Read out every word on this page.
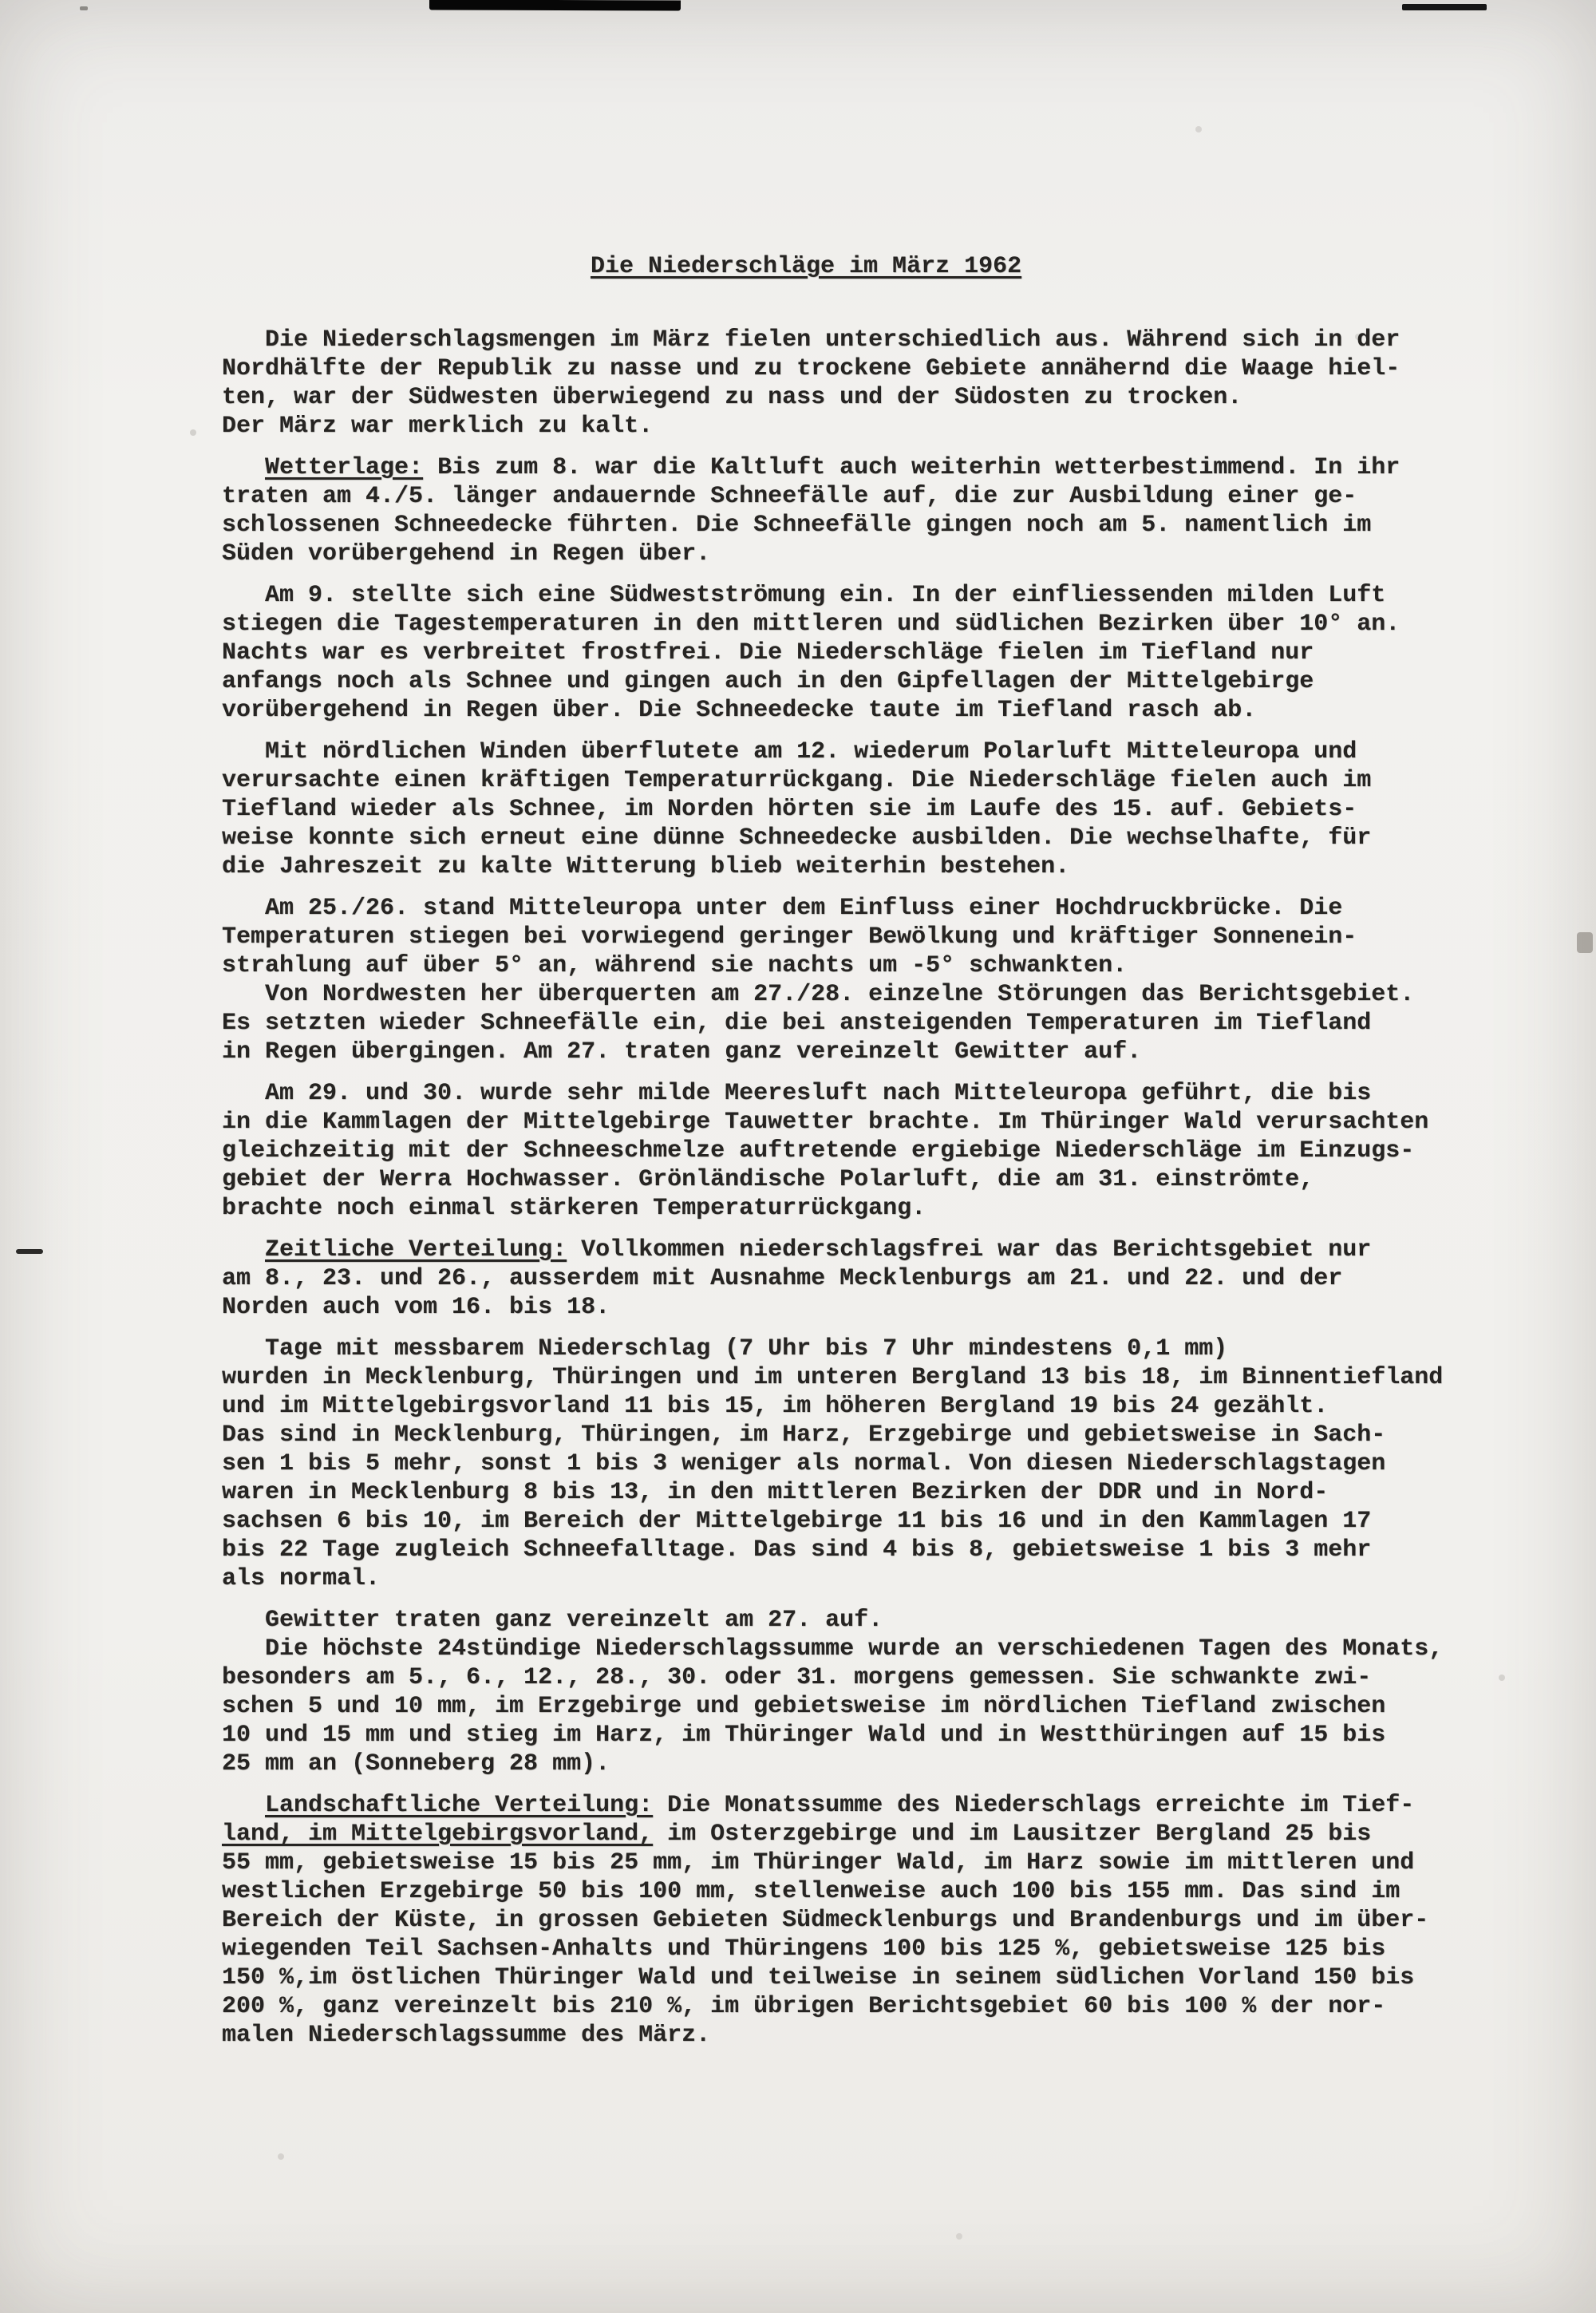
Die Niederschläge im März 1962
Die Niederschlagsmengen im März fielen unterschiedlich aus. Während sich in der
Nordhälfte der Republik zu nasse und zu trockene Gebiete annähernd die Waage hiel-
ten, war der Südwesten überwiegend zu nass und der Südosten zu trocken.
Der März war merklich zu kalt.
Wetterlage: Bis zum 8. war die Kaltluft auch weiterhin wetterbestimmend. In ihr
traten am 4./5. länger andauernde Schneefälle auf, die zur Ausbildung einer ge-
schlossenen Schneedecke führten. Die Schneefälle gingen noch am 5. namentlich im
Süden vorübergehend in Regen über.
Am 9. stellte sich eine Südwestströmung ein. In der einfliessenden milden Luft
stiegen die Tagestemperaturen in den mittleren und südlichen Bezirken über 10° an.
Nachts war es verbreitet frostfrei. Die Niederschläge fielen im Tiefland nur
anfangs noch als Schnee und gingen auch in den Gipfellagen der Mittelgebirge
vorübergehend in Regen über. Die Schneedecke taute im Tiefland rasch ab.
Mit nördlichen Winden überflutete am 12. wiederum Polarluft Mitteleuropa und
verursachte einen kräftigen Temperaturrückgang. Die Niederschläge fielen auch im
Tiefland wieder als Schnee, im Norden hörten sie im Laufe des 15. auf. Gebiets-
weise konnte sich erneut eine dünne Schneedecke ausbilden. Die wechselhafte, für
die Jahreszeit zu kalte Witterung blieb weiterhin bestehen.
Am 25./26. stand Mitteleuropa unter dem Einfluss einer Hochdruckbrücke. Die
Temperaturen stiegen bei vorwiegend geringer Bewölkung und kräftiger Sonnenein-
strahlung auf über 5° an, während sie nachts um -5° schwankten.
Von Nordwesten her überquerten am 27./28. einzelne Störungen das Berichtsgebiet.
Es setzten wieder Schneefälle ein, die bei ansteigenden Temperaturen im Tiefland
in Regen übergingen. Am 27. traten ganz vereinzelt Gewitter auf.
Am 29. und 30. wurde sehr milde Meeresluft nach Mitteleuropa geführt, die bis
in die Kammlagen der Mittelgebirge Tauwetter brachte. Im Thüringer Wald verursachten
gleichzeitig mit der Schneeschmelze auftretende ergiebige Niederschläge im Einzugs-
gebiet der Werra Hochwasser. Grönländische Polarluft, die am 31. einströmte,
brachte noch einmal stärkeren Temperaturrückgang.
Zeitliche Verteilung: Vollkommen niederschlagsfrei war das Berichtsgebiet nur
am 8., 23. und 26., ausserdem mit Ausnahme Mecklenburgs am 21. und 22. und der
Norden auch vom 16. bis 18.
Tage mit messbarem Niederschlag (7 Uhr bis 7 Uhr mindestens 0,1 mm)
wurden in Mecklenburg, Thüringen und im unteren Bergland 13 bis 18, im Binnentiefland
und im Mittelgebirgsvorland 11 bis 15, im höheren Bergland 19 bis 24 gezählt.
Das sind in Mecklenburg, Thüringen, im Harz, Erzgebirge und gebietsweise in Sach-
sen 1 bis 5 mehr, sonst 1 bis 3 weniger als normal. Von diesen Niederschlagstagen
waren in Mecklenburg 8 bis 13, in den mittleren Bezirken der DDR und in Nord-
sachsen 6 bis 10, im Bereich der Mittelgebirge 11 bis 16 und in den Kammlagen 17
bis 22 Tage zugleich Schneefalltage. Das sind 4 bis 8, gebietsweise 1 bis 3 mehr
als normal.
Gewitter traten ganz vereinzelt am 27. auf.
Die höchste 24stündige Niederschlagssumme wurde an verschiedenen Tagen des Monats,
besonders am 5., 6., 12., 28., 30. oder 31. morgens gemessen. Sie schwankte zwi-
schen 5 und 10 mm, im Erzgebirge und gebietsweise im nördlichen Tiefland zwischen
10 und 15 mm und stieg im Harz, im Thüringer Wald und in Westthüringen auf 15 bis
25 mm an (Sonneberg 28 mm).
Landschaftliche Verteilung: Die Monatssumme des Niederschlags erreichte im Tief-
land, im Mittelgebirgsvorland, im Osterzgebirge und im Lausitzer Bergland 25 bis
55 mm, gebietsweise 15 bis 25 mm, im Thüringer Wald, im Harz sowie im mittleren und
westlichen Erzgebirge 50 bis 100 mm, stellenweise auch 100 bis 155 mm. Das sind im
Bereich der Küste, in grossen Gebieten Südmecklenburgs und Brandenburgs und im über-
wiegenden Teil Sachsen-Anhalts und Thüringens 100 bis 125 %, gebietsweise 125 bis
150 %,im östlichen Thüringer Wald und teilweise in seinem südlichen Vorland 150 bis
200 %, ganz vereinzelt bis 210 %, im übrigen Berichtsgebiet 60 bis 100 % der nor-
malen Niederschlagssumme des März.
